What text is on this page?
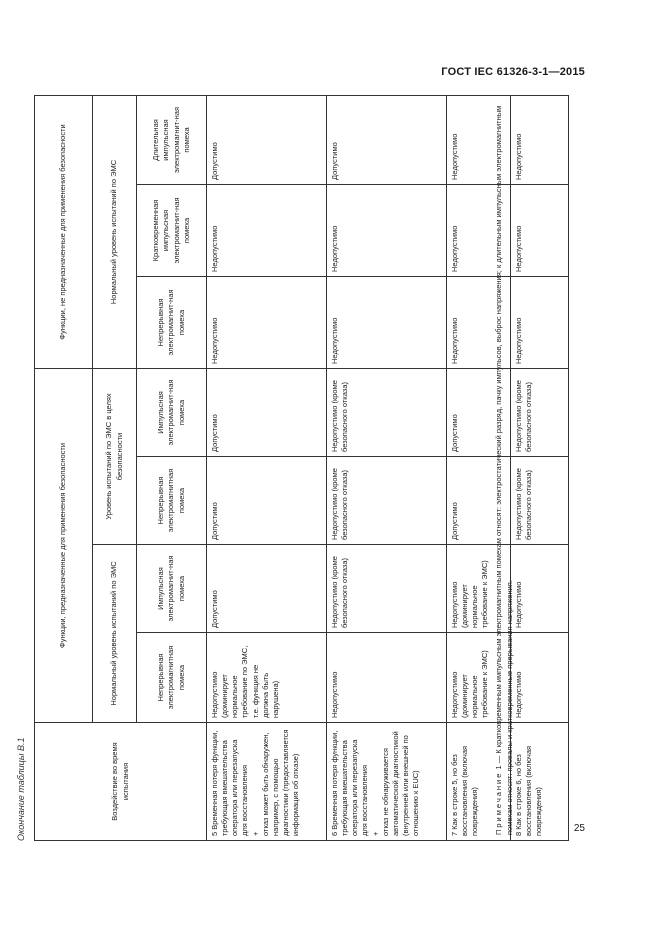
ГОСТ IEC 61326-3-1—2015
Окончание таблицы В.1	Воздействие во время испытания	Функции, предназначенные для применения безопасности				Функции, не предназначенные для применения безопасности		
	Нормальный уровень испытаний по ЭМС		Уровень испытаний по ЭМС в целях безопасности		Нормальный уровень испытаний по ЭМС		
	Непрерывная электромагнитная помеха	Импульсная электромагнит-ная помеха	Непрерывная электромагнитная помеха	Импульсная электромагнит-ная помеха	Непрерывная электромагнит-ная помеха	Кратковременная импульсная электромагнит-ная помеха	Длительная импульсная электромагнит-ная помеха
5 Временная потеря функции, требующая вмешательства оператора или перезапуска для восстановления
+
отказ может быть обнаружен, например, с помощью диагностики (предоставляется информация об отказе)	Недопустимо (доминирует нормальное требование по ЭМС, т.е. функция не должна быть нарушена)	Допустимо	Допустимо	Допустимо	Недопустимо	Недопустимо	Допустимо
6 Временная потеря функции, требующая вмешательства оператора или перезапуска для восстановления
+
отказ не обнаруживается автоматической диагностикой (внутренней или внешней по отношению к EUC)	Недопустимо	Недопустимо (кроме безопасного отказа)	Недопустимо (кроме безопасного отказа)	Недопустимо (кроме безопасного отказа)	Недопустимо	Недопустимо	Допустимо
7 Как в строке 5, но без восстановления (включая повреждения)	Недопустимо (доминирует нормальное требование к ЭМС)	Недопустимо (доминирует нормальное требование к ЭМС)	Допустимо	Допустимо	Недопустимо	Недопустимо	Недопустимо
8 Как в строке 6, но без восстановления (включая повреждения)	Недопустимо	Недопустимо	Недопустимо (кроме безопасного отказа)	Недопустимо (кроме безопасного отказа)	Недопустимо	Недопустимо	Недопустимо
Примечание 1 — К кратковременным импульсным электромагнитным помехам относят: электростатический разряд, пачку импульсов, выброс напряжения; к длительным импульсным электромагнитным помехам относят: провалы и кратковременные прерывания напряжения.	25
